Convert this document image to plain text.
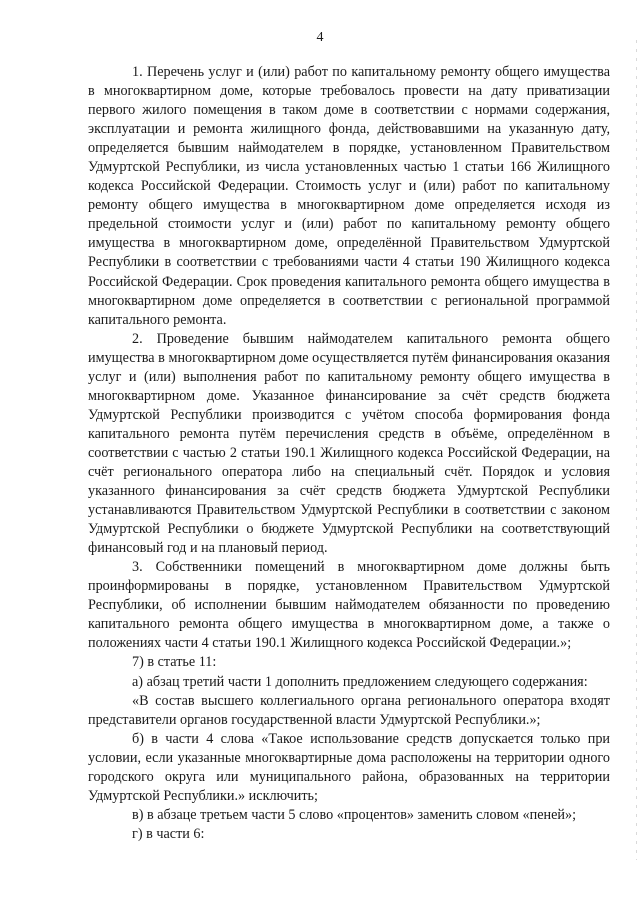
4

1. Перечень услуг и (или) работ по капитальному ремонту общего имущества в многоквартирном доме, которые требовалось провести на дату приватизации первого жилого помещения в таком доме в соответствии с нормами содержания, эксплуатации и ремонта жилищного фонда, действовавшими на указанную дату, определяется бывшим наймодателем в порядке, установленном Правительством Удмуртской Республики, из числа установленных частью 1 статьи 166 Жилищного кодекса Российской Федерации. Стоимость услуг и (или) работ по капитальному ремонту общего имущества в многоквартирном доме определяется исходя из предельной стоимости услуг и (или) работ по капитальному ремонту общего имущества в многоквартирном доме, определённой Правительством Удмуртской Республики в соответствии с требованиями части 4 статьи 190 Жилищного кодекса Российской Федерации. Срок проведения капитального ремонта общего имущества в многоквартирном доме определяется в соответствии с региональной программой капитального ремонта.

2. Проведение бывшим наймодателем капитального ремонта общего имущества в многоквартирном доме осуществляется путём финансирования оказания услуг и (или) выполнения работ по капитальному ремонту общего имущества в многоквартирном доме. Указанное финансирование за счёт средств бюджета Удмуртской Республики производится с учётом способа формирования фонда капитального ремонта путём перечисления средств в объёме, определённом в соответствии с частью 2 статьи 190.1 Жилищного кодекса Российской Федерации, на счёт регионального оператора либо на специальный счёт. Порядок и условия указанного финансирования за счёт средств бюджета Удмуртской Республики устанавливаются Правительством Удмуртской Республики в соответствии с законом Удмуртской Республики о бюджете Удмуртской Республики на соответствующий финансовый год и на плановый период.

3. Собственники помещений в многоквартирном доме должны быть проинформированы в порядке, установленном Правительством Удмуртской Республики, об исполнении бывшим наймодателем обязанности по проведению капитального ремонта общего имущества в многоквартирном доме, а также о положениях части 4 статьи 190.1 Жилищного кодекса Российской Федерации.»;

7) в статье 11:

а) абзац третий части 1 дополнить предложением следующего содержания:

«В состав высшего коллегиального органа регионального оператора входят представители органов государственной власти Удмуртской Республики.»;

б) в части 4 слова «Такое использование средств допускается только при условии, если указанные многоквартирные дома расположены на территории одного городского округа или муниципального района, образованных на территории Удмуртской Республики.» исключить;

в) в абзаце третьем части 5 слово «процентов» заменить словом «пеней»;

г) в части 6:
